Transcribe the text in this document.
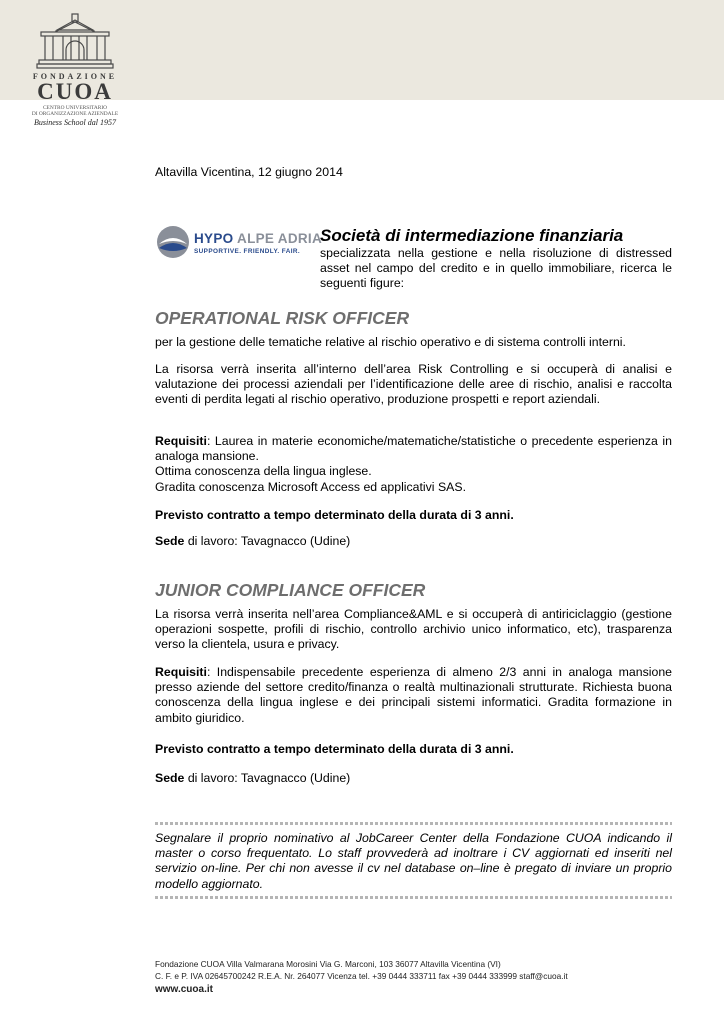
FONDAZIONE
CUOA
CENTRO UNIVERSITARIO
DI ORGANIZZAZIONE AZIENDALE
Business School dal 1957
Altavilla Vicentina, 12 giugno 2014
HYPO ALPE ADRIA
SUPPORTIVE. FRIENDLY. FAIR.
Società di intermediazione finanziaria
specializzata nella gestione e nella risoluzione di distressed asset nel campo del credito e in quello immobiliare, ricerca le seguenti figure:
OPERATIONAL RISK OFFICER

per la gestione delle tematiche relative al rischio operativo e di sistema controlli interni.

La risorsa verrà inserita all’interno dell’area Risk Controlling e si occuperà di analisi e valutazione dei processi aziendali per l’identificazione delle aree di rischio, analisi e raccolta eventi di perdita legati al rischio operativo, produzione prospetti e report aziendali.

Requisiti: Laurea in materie economiche/matematiche/statistiche o precedente esperienza in analoga mansione.
Ottima conoscenza della lingua inglese.
Gradita conoscenza Microsoft Access ed applicativi SAS.

Previsto contratto a tempo determinato della durata di 3 anni.

Sede di lavoro: Tavagnacco (Udine)

JUNIOR COMPLIANCE OFFICER

La risorsa verrà inserita nell’area Compliance&AML e si occuperà di antiriciclaggio (gestione operazioni sospette, profili di rischio, controllo archivio unico informatico, etc), trasparenza verso la clientela, usura e privacy.

Requisiti: Indispensabile precedente esperienza di almeno 2/3 anni in analoga mansione presso aziende del settore credito/finanza o realtà multinazionali strutturate. Richiesta buona conoscenza della lingua inglese e dei principali sistemi informatici. Gradita formazione in ambito giuridico.

Previsto contratto a tempo determinato della durata di 3 anni.

Sede di lavoro: Tavagnacco (Udine)

Segnalare il proprio nominativo al JobCareer Center della Fondazione CUOA indicando il master o corso frequentato. Lo staff provvederà ad inoltrare i CV aggiornati ed inseriti nel servizio on-line. Per chi non avesse il cv nel database on–line è pregato di inviare un proprio modello aggiornato.
Fondazione CUOA Villa Valmarana Morosini Via G. Marconi, 103 36077 Altavilla Vicentina (VI)
C. F. e P. IVA 02645700242 R.E.A. Nr. 264077 Vicenza tel. +39 0444 333711 fax +39 0444 333999 staff@cuoa.it
www.cuoa.it
